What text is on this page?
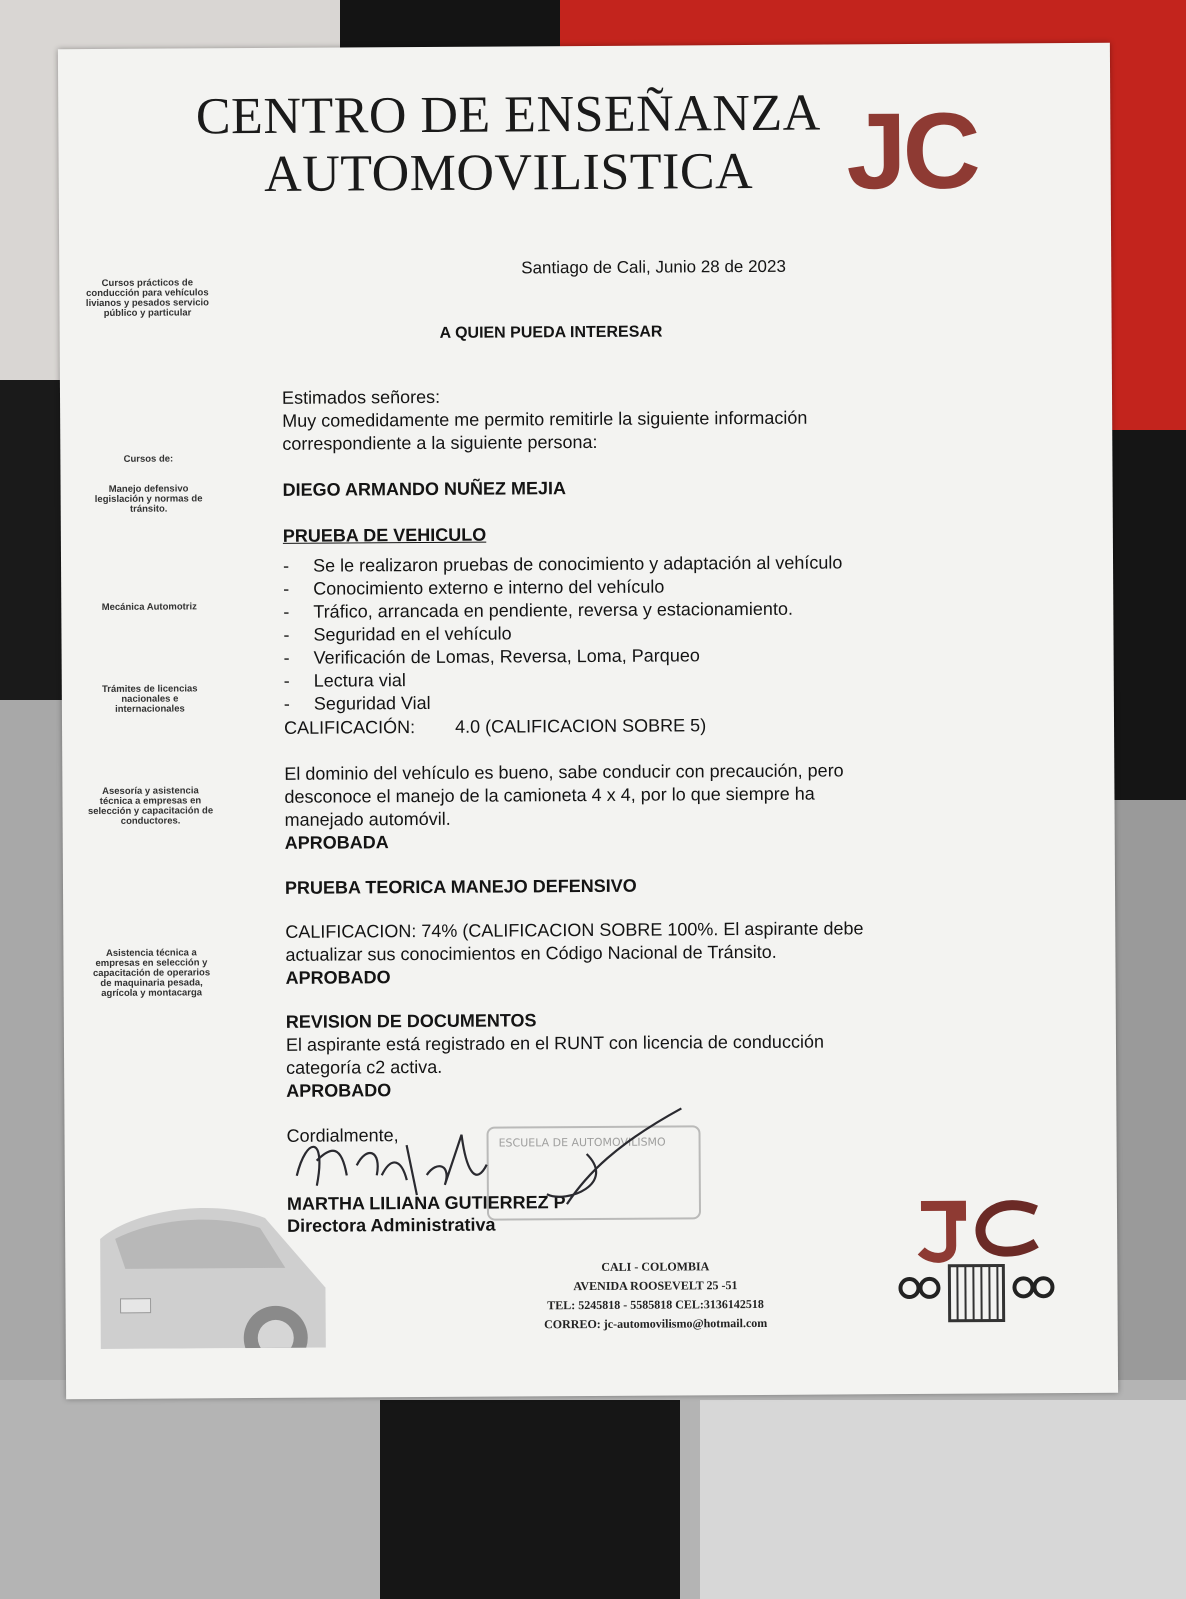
CENTRO DE ENSEÑANZA
AUTOMOVILISTICA JC
Cursos prácticos de conducción para vehículos livianos y pesados servicio público y particular
Cursos de:
Manejo defensivo legislación y normas de tránsito.
Mecánica Automotriz
Trámites de licencias nacionales e internacionales
Asesoría y asistencia técnica a empresas en selección y capacitación de conductores.
Asistencia técnica a empresas en selección y capacitación de operarios de maquinaria pesada, agrícola y montacarga
Santiago de Cali, Junio 28 de 2023
A QUIEN PUEDA INTERESAR
Estimados señores:
Muy comedidamente me permito remitirle la siguiente información
correspondiente a la siguiente persona:
DIEGO ARMANDO NUÑEZ MEJIA
PRUEBA DE VEHICULO
- Se le realizaron pruebas de conocimiento y adaptación al vehículo
- Conocimiento externo e interno del vehículo
- Tráfico, arrancada en pendiente, reversa y estacionamiento.
- Seguridad en el vehículo
- Verificación de Lomas, Reversa, Loma, Parqueo
- Lectura vial
- Seguridad Vial
CALIFICACIÓN: 4.0 (CALIFICACION SOBRE 5)
El dominio del vehículo es bueno, sabe conducir con precaución, pero
desconoce el manejo de la camioneta 4 x 4, por lo que siempre ha
manejado automóvil.
APROBADA
PRUEBA TEORICA MANEJO DEFENSIVO
CALIFICACION: 74% (CALIFICACION SOBRE 100%. El aspirante debe
actualizar sus conocimientos en Código Nacional de Tránsito.
APROBADO
REVISION DE DOCUMENTOS
El aspirante está registrado en el RUNT con licencia de conducción
categoría c2 activa.
APROBADO
Cordialmente,
MARTHA LILIANA GUTIERREZ P
Directora Administrativa
ESCUELA DE AUTOMOVILISMO
CALI - COLOMBIA
AVENIDA ROOSEVELT 25 -51
TEL: 5245818 - 5585818 CEL:3136142518
CORREO: jc-automovilismo@hotmail.com
